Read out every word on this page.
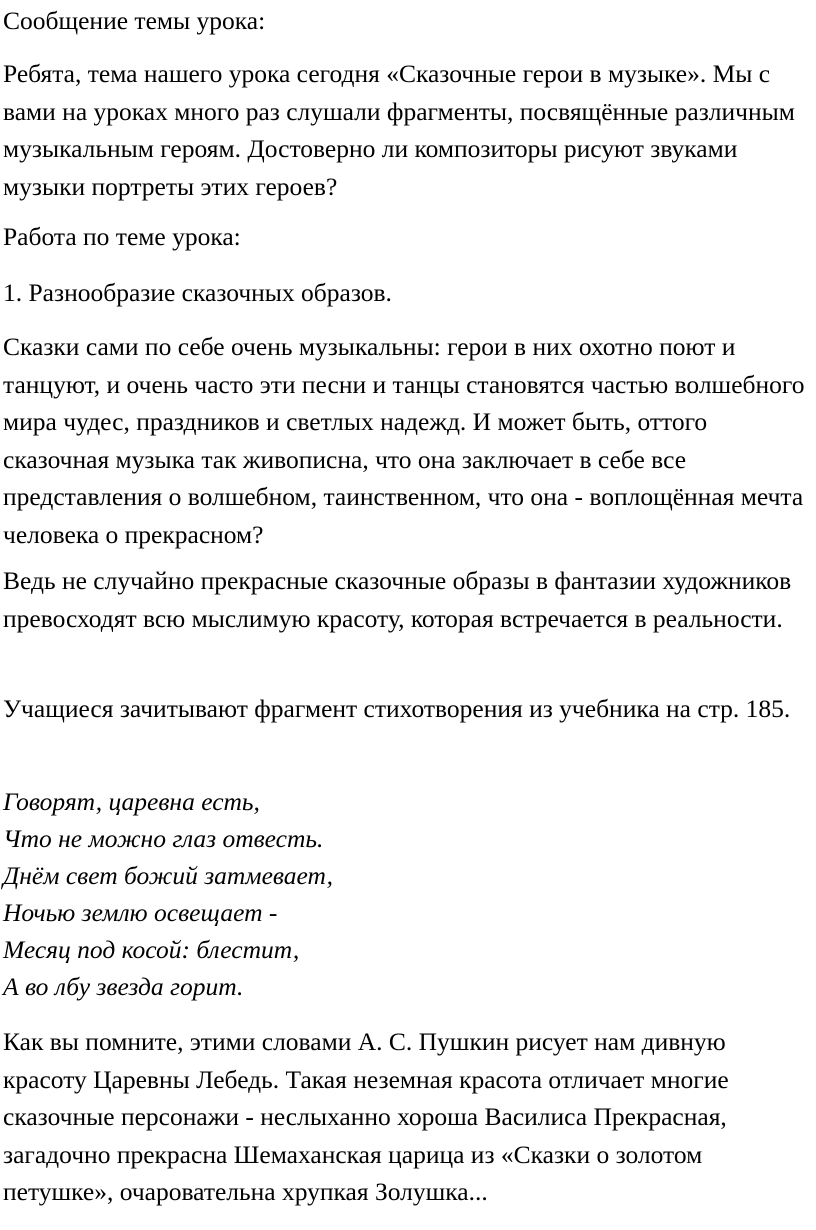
Сообщение темы урока:

Ребята, тема нашего урока сегодня «Сказочные герои в музыке». Мы с вами на уроках много раз слушали фрагменты, посвящённые различным музыкальным героям. Достоверно ли композиторы рисуют звуками музыки портреты этих героев?

Работа по теме урока:

1. Разнообразие сказочных образов.

Сказки сами по себе очень музыкальны: герои в них охотно поют и танцуют, и очень часто эти песни и танцы становятся частью волшебного мира чудес, праздников и светлых надежд. И может быть, оттого сказочная музыка так живописна, что она заключает в себе все представления о волшебном, таинственном, что она - воплощённая мечта человека о прекрасном?

Ведь не случайно прекрасные сказочные образы в фантазии художников превосходят всю мыслимую красоту, которая встречается в реальности.

Учащиеся зачитывают фрагмент стихотворения из учебника на стр. 185.

Говорят, царевна есть,
Что не можно глаз отвесть.
Днём свет божий затмевает,
Ночью землю освещает -
Месяц под косой: блестит,
А во лбу звезда горит.

Как вы помните, этими словами А. С. Пушкин рисует нам дивную красоту Царевны Лебедь. Такая неземная красота отличает многие сказочные персонажи - неслыханно хороша Василиса Прекрасная, загадочно прекрасна Шемаханская царица из «Сказки о золотом петушке», очаровательна хрупкая Золушка...
